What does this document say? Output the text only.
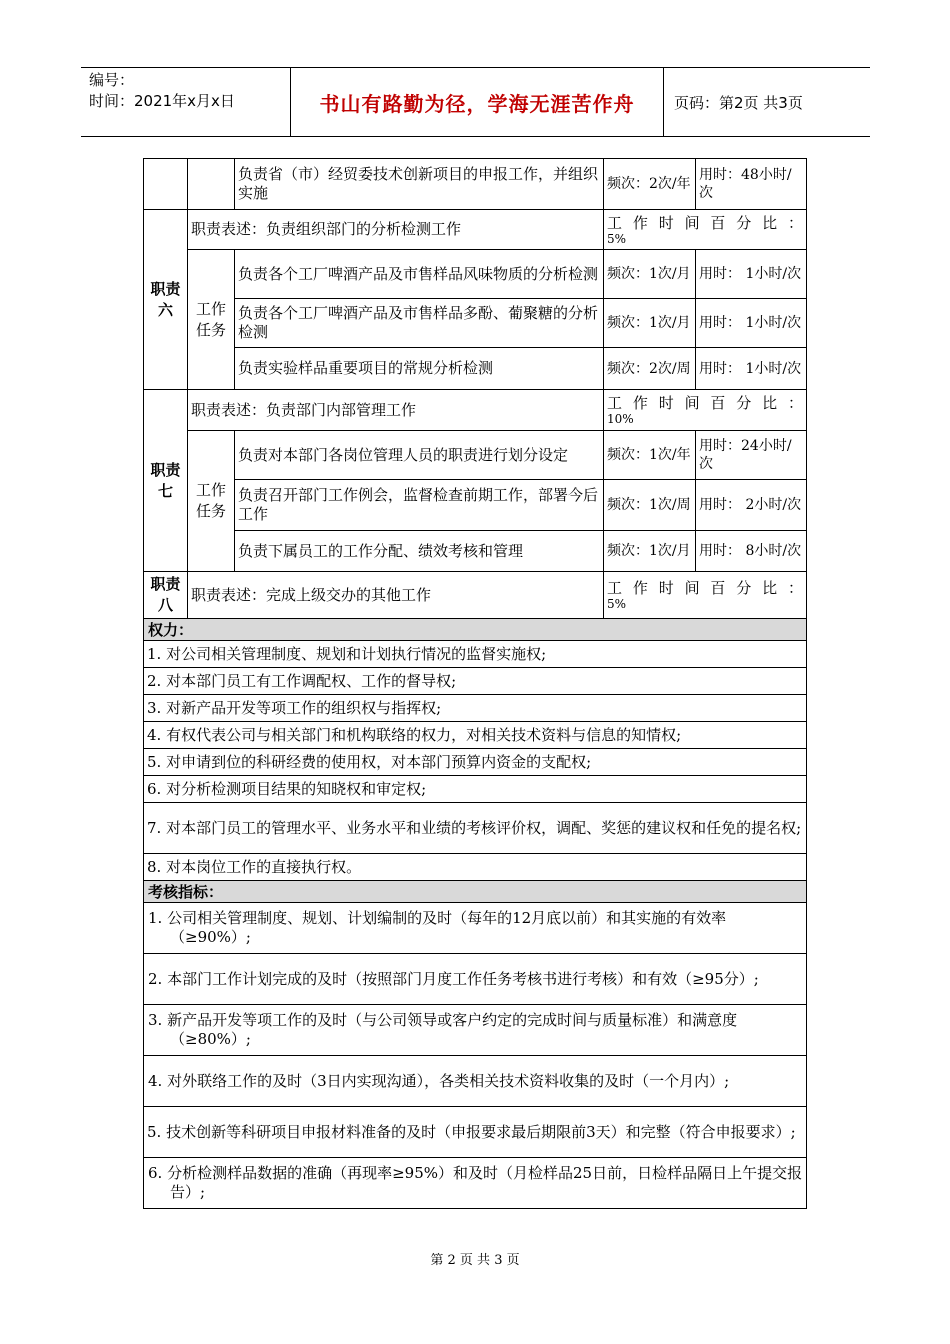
编号：
时间：2021年x月x日	书山有路勤为径，学海无涯苦作舟	页码：第2页 共3页
		负责省（市）经贸委技术创新项目的申报工作，并组织实施	频次：2次/年	用时：48小时/次
职责六	职责表述：负责组织部门的分析检测工作		工作时间百分比：
5%	

	工作任务	负责各个工厂啤酒产品及市售样品风味物质的分析检测	频次：1次/月	用时： 1小时/次
		负责各个工厂啤酒产品及市售样品多酚、葡聚糖的分析检测	频次：1次/月	用时： 1小时/次
		负责实验样品重要项目的常规分析检测	频次：2次/周	用时： 1小时/次
职责七	职责表述：负责部门内部管理工作		工作时间百分比：
10%	

	工作任务	负责对本部门各岗位管理人员的职责进行划分设定	频次：1次/年	用时：24小时/次
		负责召开部门工作例会，监督检查前期工作，部署今后工作	频次：1次/周	用时： 2小时/次
		负责下属员工的工作分配、绩效考核和管理	频次：1次/月	用时： 8小时/次
职责八	职责表述：完成上级交办的其他工作		工作时间百分比：
5%	

权力：				
1. 对公司相关管理制度、规划和计划执行情况的监督实施权;				
2. 对本部门员工有工作调配权、工作的督导权;				
3. 对新产品开发等项工作的组织权与指挥权;				
4. 有权代表公司与相关部门和机构联络的权力，对相关技术资料与信息的知情权;				
5. 对申请到位的科研经费的使用权，对本部门预算内资金的支配权;				
6. 对分析检测项目结果的知晓权和审定权;				
7. 对本部门员工的管理水平、业务水平和业绩的考核评价权，调配、奖惩的建议权和任免的提名权;				
8. 对本岗位工作的直接执行权。				
考核指标：				
1. 公司相关管理制度、规划、计划编制的及时（每年的12月底以前）和其实施的有效率（≥90%）;				
2. 本部门工作计划完成的及时（按照部门月度工作任务考核书进行考核）和有效（≥95分）;				
3. 新产品开发等项工作的及时（与公司领导或客户约定的完成时间与质量标准）和满意度（≥80%）;				
4. 对外联络工作的及时（3日内实现沟通），各类相关技术资料收集的及时（一个月内）;				
5. 技术创新等科研项目申报材料准备的及时（申报要求最后期限前3天）和完整（符合申报要求）;				
6. 分析检测样品数据的准确（再现率≥95%）和及时（月检样品25日前，日检样品隔日上午提交报告）;				
第 2 页 共 3 页
